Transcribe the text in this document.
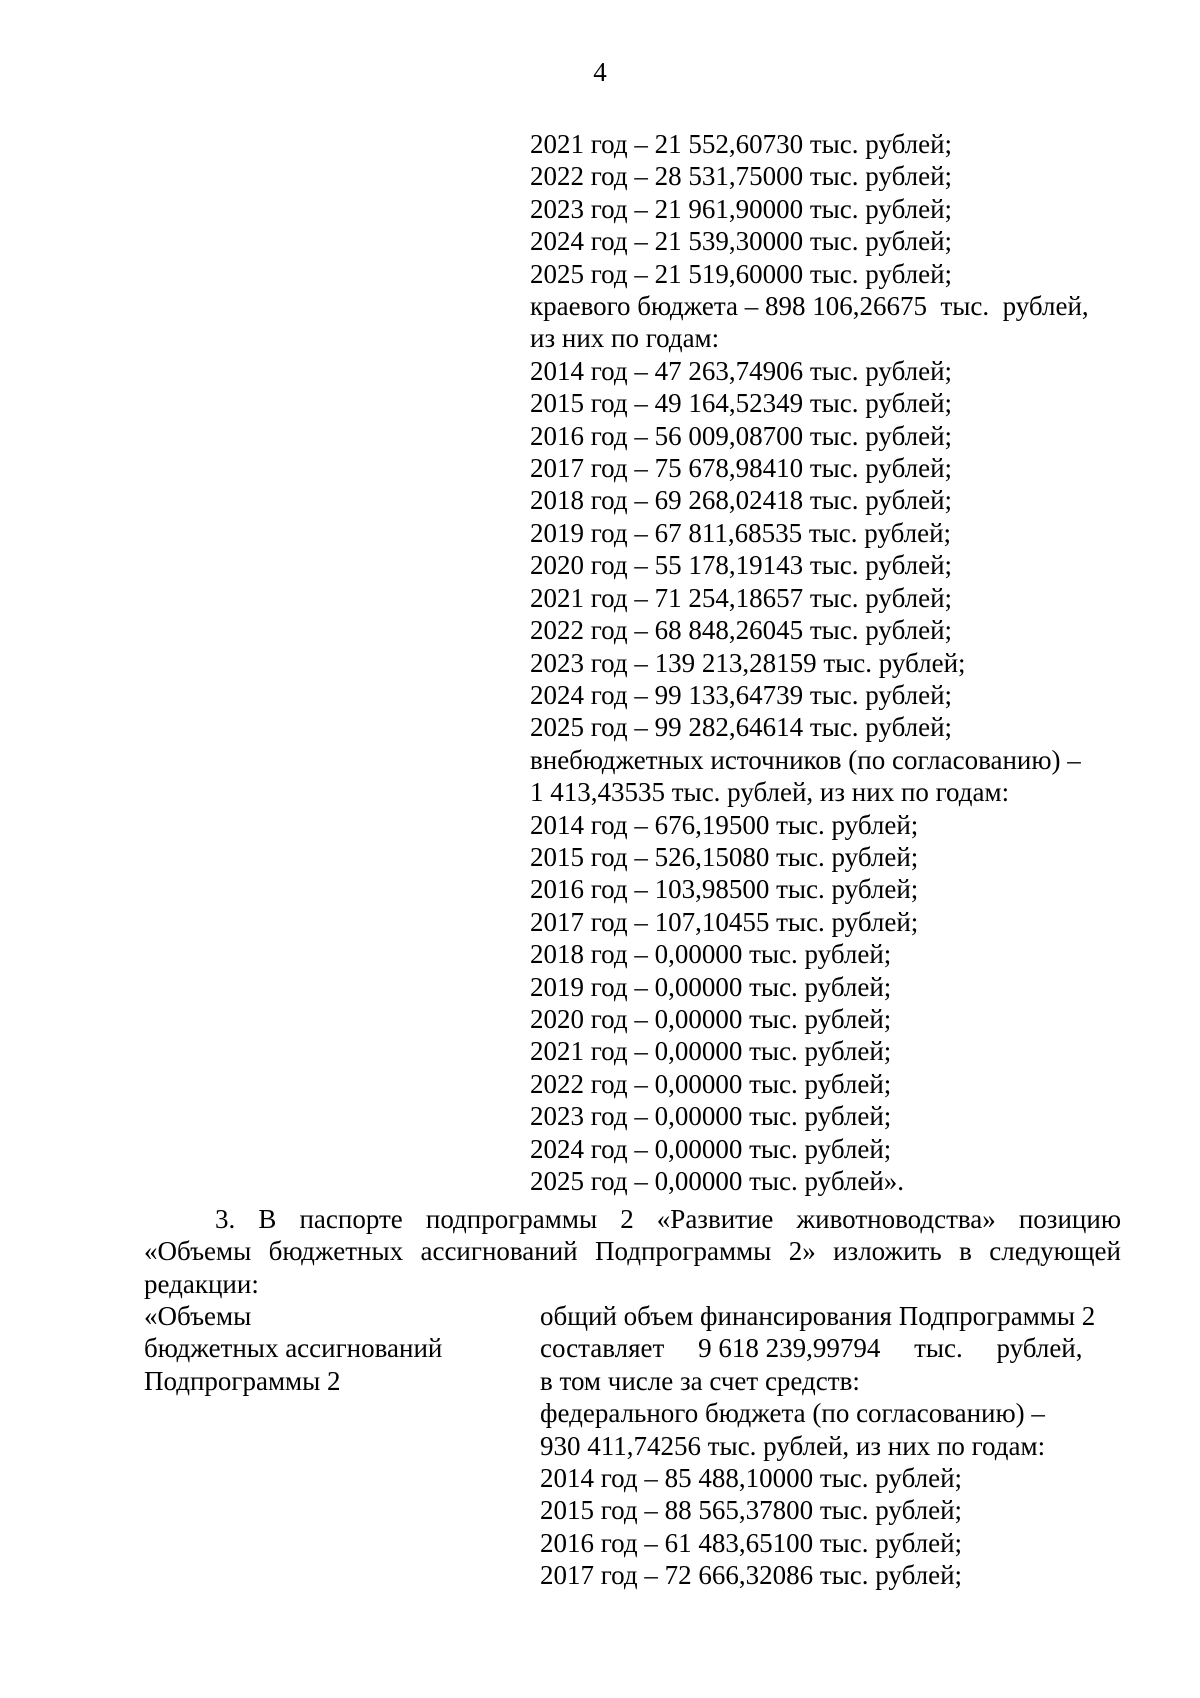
4
2021 год – 21 552,60730 тыс. рублей;
2022 год – 28 531,75000 тыс. рублей;
2023 год – 21 961,90000 тыс. рублей;
2024 год – 21 539,30000 тыс. рублей;
2025 год – 21 519,60000 тыс. рублей;
краевого бюджета – 898 106,26675  тыс.  рублей,
из них по годам:
2014 год – 47 263,74906 тыс. рублей;
2015 год – 49 164,52349 тыс. рублей;
2016 год – 56 009,08700 тыс. рублей;
2017 год – 75 678,98410 тыс. рублей;
2018 год – 69 268,02418 тыс. рублей;
2019 год – 67 811,68535 тыс. рублей;
2020 год – 55 178,19143 тыс. рублей;
2021 год – 71 254,18657 тыс. рублей;
2022 год – 68 848,26045 тыс. рублей;
2023 год – 139 213,28159 тыс. рублей;
2024 год – 99 133,64739 тыс. рублей;
2025 год – 99 282,64614 тыс. рублей;
внебюджетных источников (по согласованию) –
1 413,43535 тыс. рублей, из них по годам:
2014 год – 676,19500 тыс. рублей;
2015 год – 526,15080 тыс. рублей;
2016 год – 103,98500 тыс. рублей;
2017 год – 107,10455 тыс. рублей;
2018 год – 0,00000 тыс. рублей;
2019 год – 0,00000 тыс. рублей;
2020 год – 0,00000 тыс. рублей;
2021 год – 0,00000 тыс. рублей;
2022 год – 0,00000 тыс. рублей;
2023 год – 0,00000 тыс. рублей;
2024 год – 0,00000 тыс. рублей;
2025 год – 0,00000 тыс. рублей».
3. В паспорте подпрограммы 2 «Развитие животноводства» позицию
«Объемы бюджетных ассигнований Подпрограммы 2» изложить в следующей
редакции:
«Объемы
бюджетных ассигнований
Подпрограммы 2
общий объем финансирования Подпрограммы 2
составляет     9 618 239,99794     тыс.     рублей,
в том числе за счет средств:
федерального бюджета (по согласованию) –
930 411,74256 тыс. рублей, из них по годам:
2014 год – 85 488,10000 тыс. рублей;
2015 год – 88 565,37800 тыс. рублей;
2016 год – 61 483,65100 тыс. рублей;
2017 год – 72 666,32086 тыс. рублей;
